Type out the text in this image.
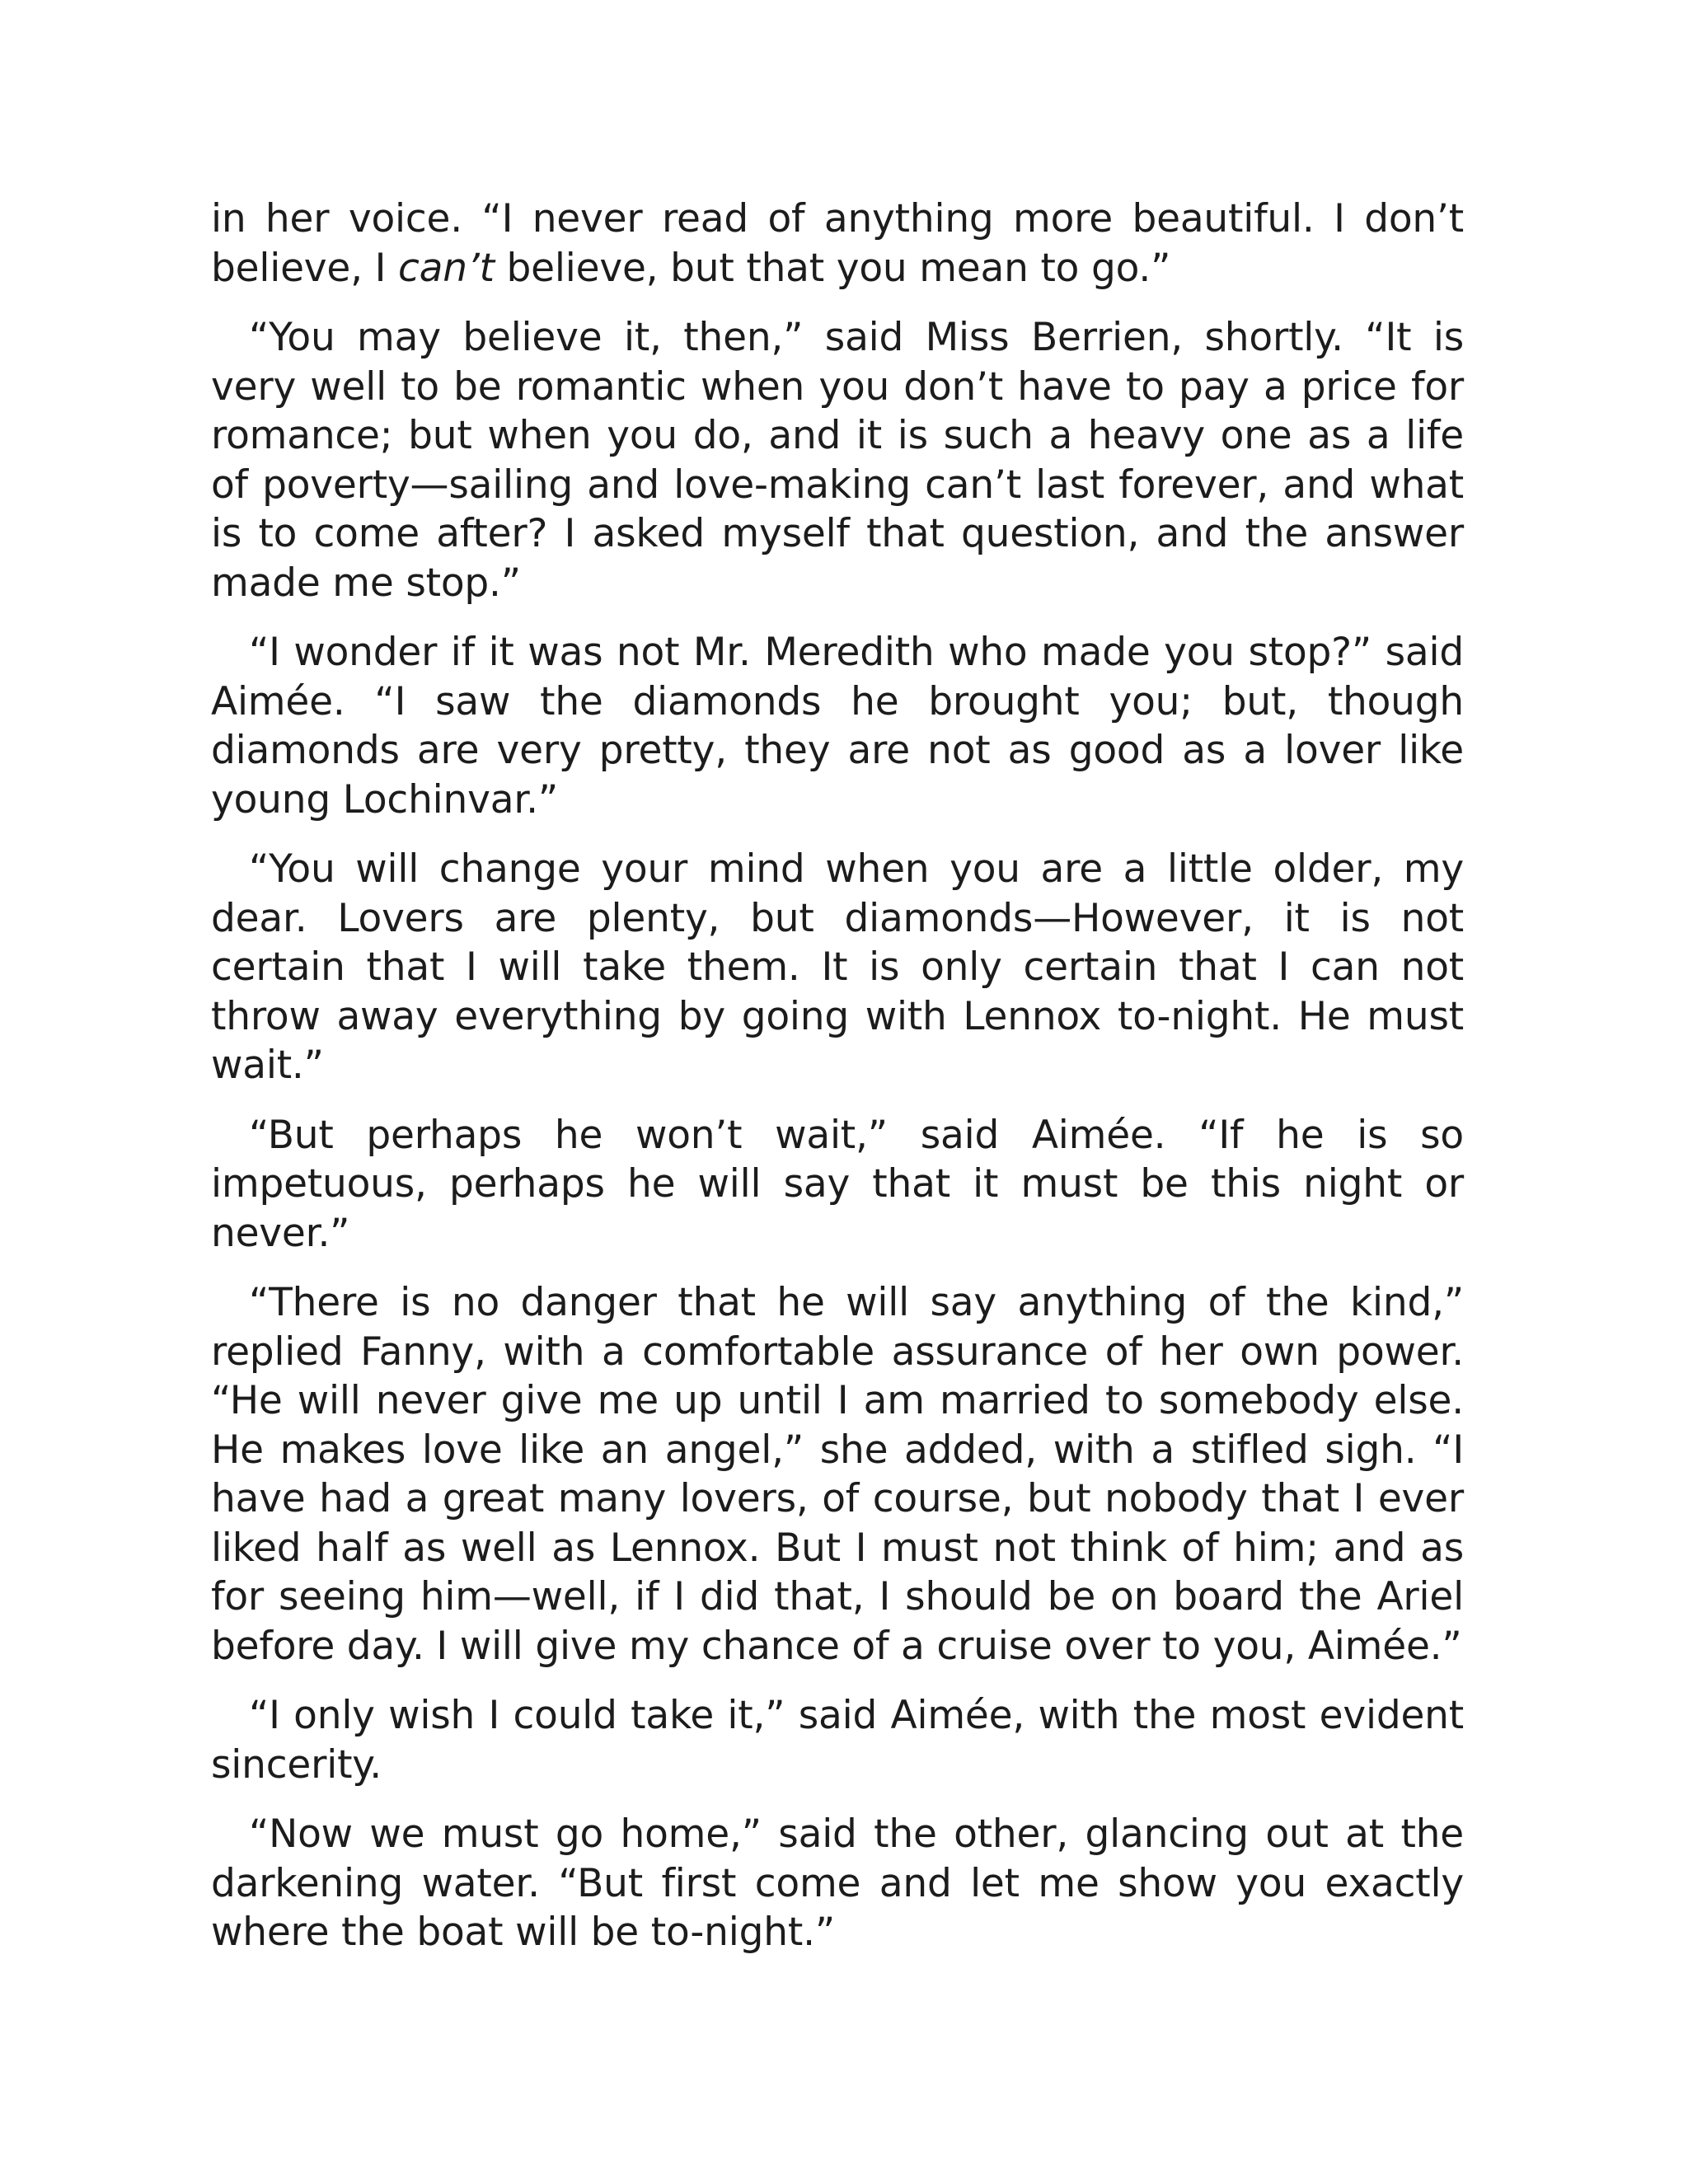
in her voice. “I never read of anything more beautiful. I don’t believe, I can’t believe, but that you mean to go.”

“You may believe it, then,” said Miss Berrien, shortly. “It is very well to be romantic when you don’t have to pay a price for romance; but when you do, and it is such a heavy one as a life of poverty—sailing and love-making can’t last forever, and what is to come after? I asked myself that question, and the answer made me stop.”

“I wonder if it was not Mr. Meredith who made you stop?” said Aimée. “I saw the diamonds he brought you; but, though diamonds are very pretty, they are not as good as a lover like young Lochinvar.”

“You will change your mind when you are a little older, my dear. Lovers are plenty, but diamonds—However, it is not certain that I will take them. It is only certain that I can not throw away everything by going with Lennox to-night. He must wait.”

“But perhaps he won’t wait,” said Aimée. “If he is so impetuous, perhaps he will say that it must be this night or never.”

“There is no danger that he will say anything of the kind,” replied Fanny, with a comfortable assurance of her own power. “He will never give me up until I am married to somebody else. He makes love like an angel,” she added, with a stifled sigh. “I have had a great many lovers, of course, but nobody that I ever liked half as well as Lennox. But I must not think of him; and as for seeing him—well, if I did that, I should be on board the Ariel before day. I will give my chance of a cruise over to you, Aimée.”

“I only wish I could take it,” said Aimée, with the most evident sincerity.

“Now we must go home,” said the other, glancing out at the darkening water. “But first come and let me show you exactly where the boat will be to-night.”
